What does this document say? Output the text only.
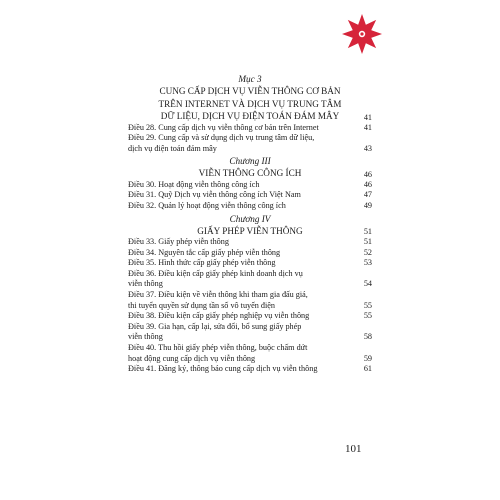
Mục 3
CUNG CẤP DỊCH VỤ VIỄN THÔNG CƠ BẢN
TRÊN INTERNET VÀ DỊCH VỤ TRUNG TÂM
DỮ LIỆU, DỊCH VỤ ĐIỆN TOÁN ĐÁM MÂY	41
Điều 28. Cung cấp dịch vụ viễn thông cơ bản trên Internet	41
Điều 29. Cung cấp và sử dụng dịch vụ trung tâm dữ liệu,
dịch vụ điện toán đám mây	43
Chương III
VIỄN THÔNG CÔNG ÍCH	46
Điều 30. Hoạt động viễn thông công ích	46
Điều 31. Quỹ Dịch vụ viễn thông công ích Việt Nam	47
Điều 32. Quản lý hoạt động viễn thông công ích	49
Chương IV
GIẤY PHÉP VIỄN THÔNG	51
Điều 33. Giấy phép viễn thông	51
Điều 34. Nguyên tắc cấp giấy phép viễn thông	52
Điều 35. Hình thức cấp giấy phép viễn thông	53
Điều 36. Điều kiện cấp giấy phép kinh doanh dịch vụ
viễn thông	54
Điều 37. Điều kiện về viễn thông khi tham gia đấu giá,
thi tuyển quyền sử dụng tần số vô tuyến điện	55
Điều 38. Điều kiện cấp giấy phép nghiệp vụ viễn thông	55
Điều 39. Gia hạn, cấp lại, sửa đổi, bổ sung giấy phép
viễn thông	58
Điều 40. Thu hồi giấy phép viễn thông, buộc chấm dứt
hoạt động cung cấp dịch vụ viễn thông	59
Điều 41. Đăng ký, thông báo cung cấp dịch vụ viễn thông	61
101
